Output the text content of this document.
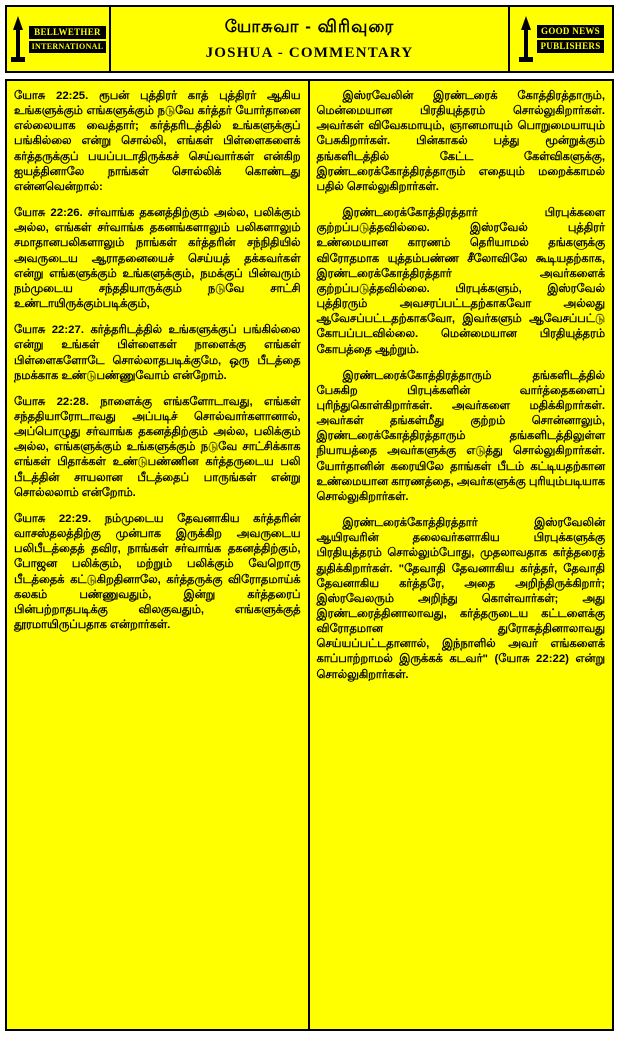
BELLWETHER
INTERNATIONAL
யோசுவா - விரிவுரை
JOSHUA - COMMENTARY
GOOD NEWS
PUBLISHERS

யோசு 22:25. ரூபன் புத்திரர் காத் புத்திரர் ஆகிய உங்களுக்கும் எங்களுக்கும் நடுவே கர்த்தர் யோர்தானை எல்லையாக வைத்தார்; கர்த்தரிடத்தில் உங்களுக்குப் பங்கில்லை என்று சொல்லி, எங்கள் பிள்ளைகளைக் கர்த்தருக்குப் பயப்படாதிருக்கச் செய்வார்கள் என்கிற ஐயத்தினாலே நாங்கள் சொல்லிக் கொண்டது என்னவென்றால்:

யோசு 22:26. சர்வாங்க தகனத்திற்கும் அல்ல, பலிக்கும் அல்ல, எங்கள் சர்வாங்க தகனங்களாலும் பலிகளாலும் சமாதானபலிகளாலும் நாங்கள் கர்த்தரின் சந்நிதியில் அவருடைய ஆராதனையைச் செய்யத் தக்கவர்கள் என்று எங்களுக்கும் உங்களுக்கும், நமக்குப் பின்வரும் நம்முடைய சந்ததியாருக்கும் நடுவே சாட்சி உண்டாயிருக்கும்படிக்கும்,

யோசு 22:27. கர்த்தரிடத்தில் உங்களுக்குப் பங்கில்லை என்று உங்கள் பிள்ளைகள் நாளைக்கு எங்கள் பிள்ளைகளோடே சொல்லாதபடிக்குமே, ஒரு பீடத்தை நமக்காக உண்டுபண்ணுவோம் என்றோம்.

யோசு 22:28. நாளைக்கு எங்களோடாவது, எங்கள் சந்ததியாரோடாவது அப்படிச் சொல்வார்களானால், அப்பொழுது சர்வாங்க தகனத்திற்கும் அல்ல, பலிக்கும் அல்ல, எங்களுக்கும் உங்களுக்கும் நடுவே சாட்சிக்காக எங்கள் பிதாக்கள் உண்டுபண்ணின கர்த்தருடைய பலி பீடத்தின் சாயலான பீடத்தைப் பாருங்கள் என்று சொல்லலாம் என்றோம்.

யோசு 22:29. நம்முடைய தேவனாகிய கர்த்தரின் வாசஸ்தலத்திற்கு முன்பாக இருக்கிற அவருடைய பலிபீடத்தைத் தவிர, நாங்கள் சர்வாங்க தகனத்திற்கும், போஜன பலிக்கும், மற்றும் பலிக்கும் வேறொரு பீடத்தைக் கட்டுகிறதினாலே, கர்த்தருக்கு விரோதமாய்க் கலகம் பண்ணுவதும், இன்று கர்த்தரைப் பின்பற்றாதபடிக்கு விலகுவதும், எங்களுக்குத் தூரமாயிருப்பதாக என்றார்கள்.

இஸ்ரவேலின் இரண்டரைக் கோத்திரத்தாரும், மென்மையான பிரதியுத்தரம் சொல்லுகிறார்கள். அவர்கள் விவேகமாயும், ஞானமாயும் பொறுமையாயும் பேசுகிறார்கள். பின்காகல் பத்து மூன்றுக்கும் தங்களிடத்தில் கேட்ட கேள்விகளுக்கு, இரண்டரைக்கோத்திரத்தாரும் எதையும் மறைக்காமல் பதில் சொல்லுகிறார்கள்.

இரண்டரைக்கோத்திரத்தார் பிரபுக்களை குற்றப்படுத்தவில்லை. இஸ்ரவேல் புத்திரர் உண்மையான காரணம் தெரியாமல் தங்களுக்கு விரோதமாக யுத்தம்பண்ண சீலோவிலே கூடியதற்காக, இரண்டரைக்கோத்திரத்தார் அவர்களைக் குற்றப்படுத்தவில்லை. பிரபுக்களும், இஸ்ரவேல் புத்திரரும் அவசரப்பட்டதற்காகவோ அல்லது ஆவேசப்பட்டதற்காகவோ, இவர்களும் ஆவேசப்பட்டு கோபப்படவில்லை. மென்மையான பிரதியுத்தரம் கோபத்தை ஆற்றும்.

இரண்டரைக்கோத்திரத்தாரும் தங்களிடத்தில் பேசுகிற பிரபுக்களின் வார்த்தைகளைப் புரிந்துகொள்கிறார்கள். அவர்களை மதிக்கிறார்கள். அவர்கள் தங்கள்மீது குற்றம் சொன்னாலும், இரண்டரைக்கோத்திரத்தாரும் தங்களிடத்திலுள்ள நியாயத்தை அவர்களுக்கு எடுத்து சொல்லுகிறார்கள். யோர்தானின் கரையிலே தாங்கள் பீடம் கட்டியதற்கான உண்மையான காரணத்தை, அவர்களுக்கு புரியும்படியாக சொல்லுகிறார்கள்.

இரண்டரைக்கோத்திரத்தார் இஸ்ரவேலின் ஆயிரவரின் தலைவர்களாகிய பிரபுக்களுக்கு பிரதியுத்தரம் சொல்லும்போது, முதலாவதாக கர்த்தரைத் துதிக்கிறார்கள். "தேவாதி தேவனாகிய கர்த்தர், தேவாதி தேவனாகிய கர்த்தரே, அதை அறிந்திருக்கிறார்; இஸ்ரவேலரும் அறிந்து கொள்வார்கள்; அது இரண்டரைத்தினாலாவது, கர்த்தருடைய கட்டளைக்கு விரோதமான துரோகத்தினாலாவது செய்யப்பட்டதானால், இந்நாளில் அவர் எங்களைக் காப்பாற்றாமல் இருக்கக் கடவர்" (யோசு 22:22) என்று சொல்லுகிறார்கள்.
